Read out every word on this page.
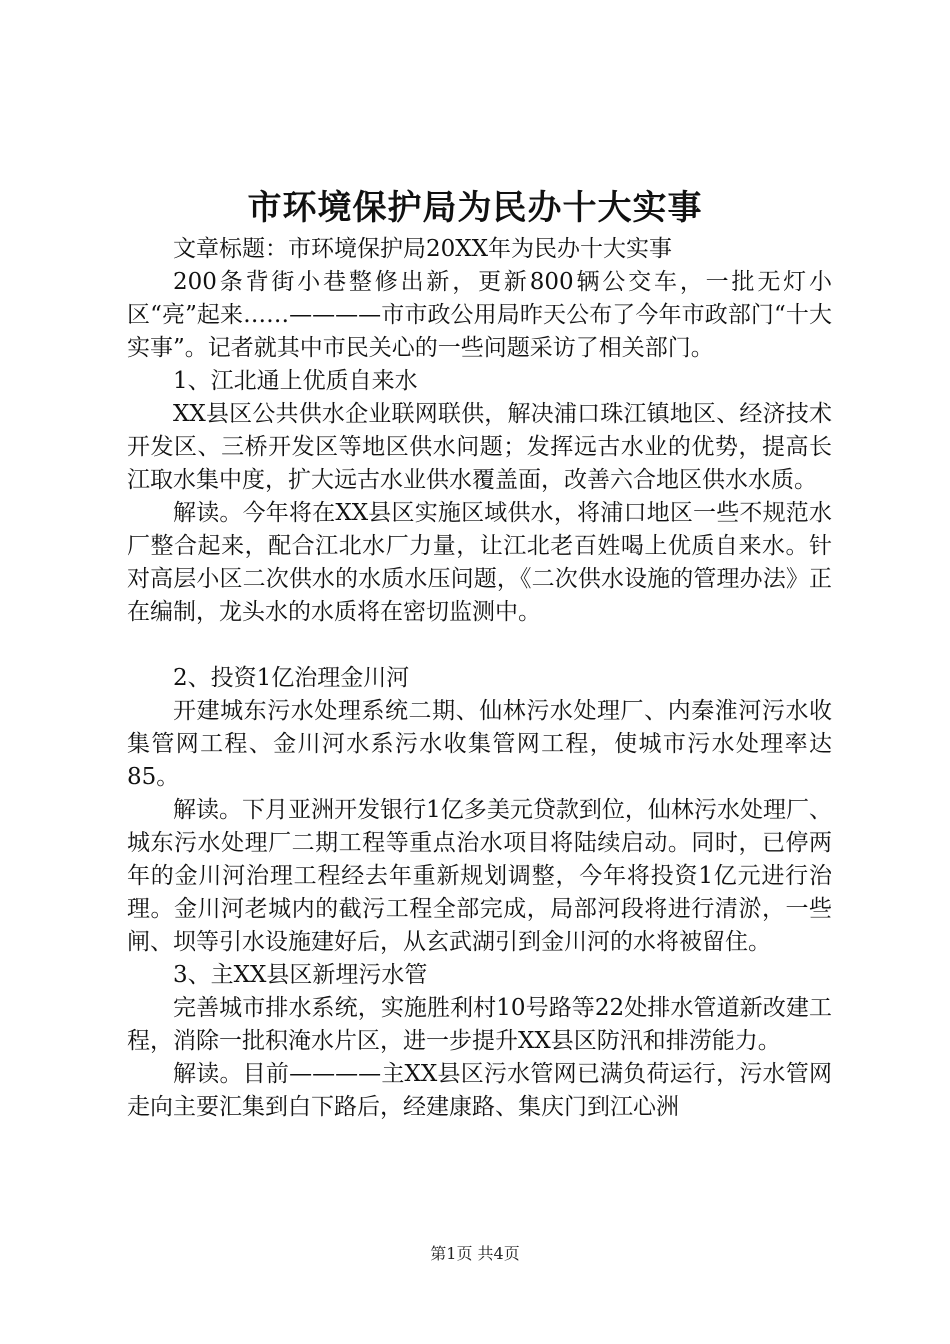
市环境保护局为民办十大实事

文章标题：市环境保护局20XX年为民办十大实事

200条背街小巷整修出新，更新800辆公交车，一批无灯小区“亮”起来……————市市政公用局昨天公布了今年市政部门“十大实事”。记者就其中市民关心的一些问题采访了相关部门。

1、江北通上优质自来水

XX县区公共供水企业联网联供，解决浦口珠江镇地区、经济技术开发区、三桥开发区等地区供水问题；发挥远古水业的优势，提高长江取水集中度，扩大远古水业供水覆盖面，改善六合地区供水水质。

解读。今年将在XX县区实施区域供水，将浦口地区一些不规范水厂整合起来，配合江北水厂力量，让江北老百姓喝上优质自来水。针对高层小区二次供水的水质水压问题，《二次供水设施的管理办法》正在编制，龙头水的水质将在密切监测中。

2、投资1亿治理金川河

开建城东污水处理系统二期、仙林污水处理厂、内秦淮河污水收集管网工程、金川河水系污水收集管网工程，使城市污水处理率达85。

解读。下月亚洲开发银行1亿多美元贷款到位，仙林污水处理厂、城东污水处理厂二期工程等重点治水项目将陆续启动。同时，已停两年的金川河治理工程经去年重新规划调整，今年将投资1亿元进行治理。金川河老城内的截污工程全部完成，局部河段将进行清淤，一些闸、坝等引水设施建好后，从玄武湖引到金川河的水将被留住。

3、主XX县区新埋污水管

完善城市排水系统，实施胜利村10号路等22处排水管道新改建工程，消除一批积淹水片区，进一步提升XX县区防汛和排涝能力。

解读。目前————主XX县区污水管网已满负荷运行，污水管网走向主要汇集到白下路后，经建康路、集庆门到江心洲

第1页 共4页
